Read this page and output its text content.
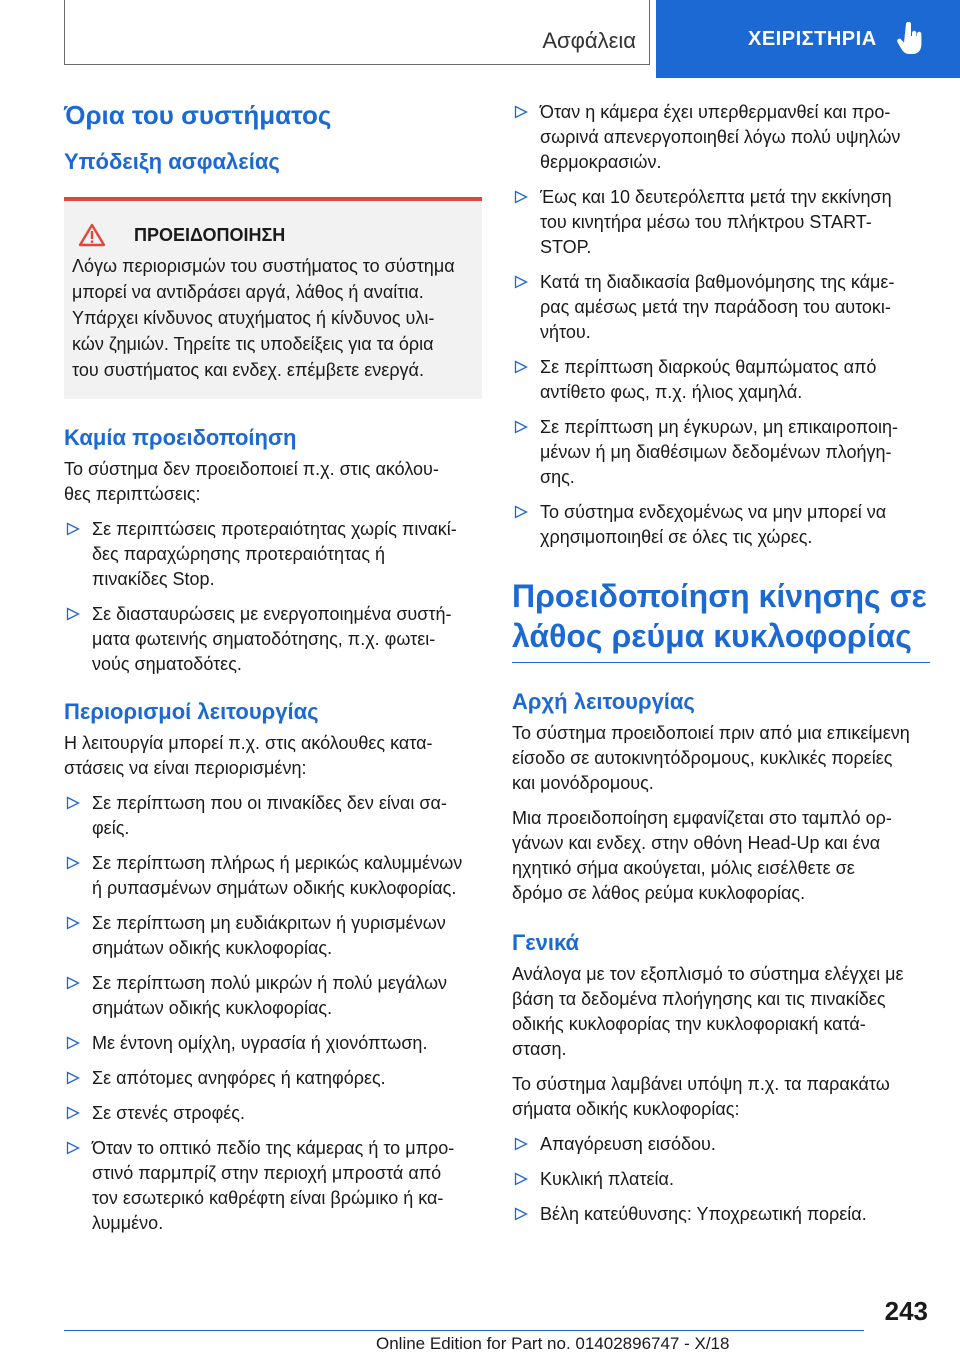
Ασφάλεια	ΧΕΙΡΙΣΤΗΡΙΑ
Όρια του συστήματος
Υπόδειξη ασφαλείας
ΠΡΟΕΙΔΟΠΟΙΗΣΗ

Λόγω περιορισμών του συστήματος το σύστημα
μπορεί να αντιδράσει αργά, λάθος ή αναίτια.
Υπάρχει κίνδυνος ατυχήματος ή κίνδυνος υλι-
κών ζημιών. Τηρείτε τις υποδείξεις για τα όρια
του συστήματος και ενδεχ. επέμβετε ενεργά.

Καμία προειδοποίηση

Το σύστημα δεν προειδοποιεί π.χ. στις ακόλου-
θες περιπτώσεις:

Σε περιπτώσεις προτεραιότητας χωρίς πινακί-
δες παραχώρησης προτεραιότητας ή
πινακίδες Stop.
Σε διασταυρώσεις με ενεργοποιημένα συστή-
ματα φωτεινής σηματοδότησης, π.χ. φωτει-
νούς σηματοδότες.
Περιορισμοί λειτουργίας

Η λειτουργία μπορεί π.χ. στις ακόλουθες κατα-
στάσεις να είναι περιορισμένη:

Σε περίπτωση που οι πινακίδες δεν είναι σα-
φείς.
Σε περίπτωση πλήρως ή μερικώς καλυμμένων
ή ρυπασμένων σημάτων οδικής κυκλοφορίας.
Σε περίπτωση μη ευδιάκριτων ή γυρισμένων
σημάτων οδικής κυκλοφορίας.
Σε περίπτωση πολύ μικρών ή πολύ μεγάλων
σημάτων οδικής κυκλοφορίας.
Με έντονη ομίχλη, υγρασία ή χιονόπτωση.
Σε απότομες ανηφόρες ή κατηφόρες.
Σε στενές στροφές.
Όταν το οπτικό πεδίο της κάμερας ή το μπρο-
στινό παρμπρίζ στην περιοχή μπροστά από
τον εσωτερικό καθρέφτη είναι βρώμικο ή κα-
λυμμένο.
Όταν η κάμερα έχει υπερθερμανθεί και προ-
σωρινά απενεργοποιηθεί λόγω πολύ υψηλών
θερμοκρασιών.
Έως και 10 δευτερόλεπτα μετά την εκκίνηση
του κινητήρα μέσω του πλήκτρου START-
STOP.
Κατά τη διαδικασία βαθμονόμησης της κάμε-
ρας αμέσως μετά την παράδοση του αυτοκι-
νήτου.
Σε περίπτωση διαρκούς θαμπώματος από
αντίθετο φως, π.χ. ήλιος χαμηλά.
Σε περίπτωση μη έγκυρων, μη επικαιροποιη-
μένων ή μη διαθέσιμων δεδομένων πλοήγη-
σης.
Το σύστημα ενδεχομένως να μην μπορεί να
χρησιμοποιηθεί σε όλες τις χώρες.
Προειδοποίηση κίνησης σε
λάθος ρεύμα κυκλοφορίας
Αρχή λειτουργίας

Το σύστημα προειδοποιεί πριν από μια επικείμενη
είσοδο σε αυτοκινητόδρομους, κυκλικές πορείες
και μονόδρομους.

Μια προειδοποίηση εμφανίζεται στο ταμπλό ορ-
γάνων και ενδεχ. στην οθόνη Head-Up και ένα
ηχητικό σήμα ακούγεται, μόλις εισέλθετε σε
δρόμο σε λάθος ρεύμα κυκλοφορίας.

Γενικά

Ανάλογα με τον εξοπλισμό το σύστημα ελέγχει με
βάση τα δεδομένα πλοήγησης και τις πινακίδες
οδικής κυκλοφορίας την κυκλοφοριακή κατά-
σταση.

Το σύστημα λαμβάνει υπόψη π.χ. τα παρακάτω
σήματα οδικής κυκλοφορίας:

Απαγόρευση εισόδου.
Κυκλική πλατεία.
Βέλη κατεύθυνσης: Υποχρεωτική πορεία.
243
Online Edition for Part no. 01402896747 - X/18
